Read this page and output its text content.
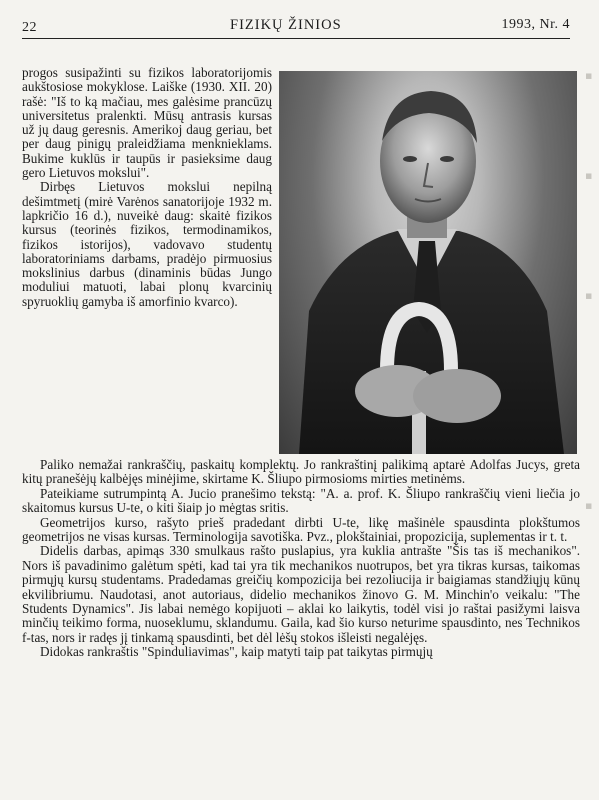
22	FIZIKŲ ŽINIOS	1993, Nr. 4

progos susipažinti su fizikos laboratorijomis aukštosiose mokyklose. Laiške (1930. XII. 20) rašė: "Iš to ką mačiau, mes galėsime prancūzų universitetus pralenkti. Mūsų antrasis kursas už jų daug geresnis. Amerikoj daug geriau, bet per daug pinigų praleidžiama menknieklams. Bukime kuklūs ir taupūs ir pasieksime daug gero Lietuvos mokslui".

Dirbęs Lietuvos mokslui nepilną dešimtmetį (mirė Varėnos sanatorijoje 1932 m. lapkričio 16 d.), nuveikė daug: skaitė fizikos kursus (teorinės fizikos, termodinamikos, fizikos istorijos), vadovavo studentų laboratoriniams darbams, pradėjo pirmuosius mokslinius darbus (dinaminis būdas Jungo moduliui matuoti, labai plonų kvarcinių spyruoklių gamyba iš amorfinio kvarco).

Paliko nemažai rankraščių, paskaitų komplektų. Jo rankraštinį palikimą aptarė Adolfas Jucys, greta kitų pranešėjų kalbėjęs minėjime, skirtame K. Šliupo pirmosioms mirties metinėms.

Pateikiame sutrumpintą A. Jucio pranešimo tekstą: "A. a. prof. K. Šliupo rankraščių vieni liečia jo skaitomus kursus U-te, o kiti šiaip jo mėgtas sritis.

Geometrijos kurso, rašyto prieš pradedant dirbti U-te, likę mašinėle spausdinta plokštumos geometrijos ne visas kursas. Terminologija savotiška. Pvz., plokštainiai, propozicija, suplementas ir t. t.

Didelis darbas, apimąs 330 smulkaus rašto puslapius, yra kuklia antrašte "Šis tas iš mechanikos". Nors iš pavadinimo galėtum spėti, kad tai yra tik mechanikos nuotrupos, bet yra tikras kursas, taikomas pirmųjų kursų studentams. Pradedamas greičių kompozicija bei rezoliucija ir baigiamas standžiųjų kūnų ekvilibriumu. Naudotasi, anot autoriaus, didelio mechanikos žinovo G. M. Minchin'o veikalu: "The Students Dynamics". Jis labai nemėgo kopijuoti – aklai ko laikytis, todėl visi jo raštai pasižymi laisva minčių teikimo forma, nuoseklumu, sklandumu. Gaila, kad šio kurso neturime spausdinto, nes Technikos f-tas, nors ir radęs jį tinkamą spausdinti, bet dėl lėšų stokos išleisti negalėjęs.

Didokas rankraštis "Spinduliavimas", kaip matyti taip pat taikytas pirmųjų

▪
▪
▪
▪
